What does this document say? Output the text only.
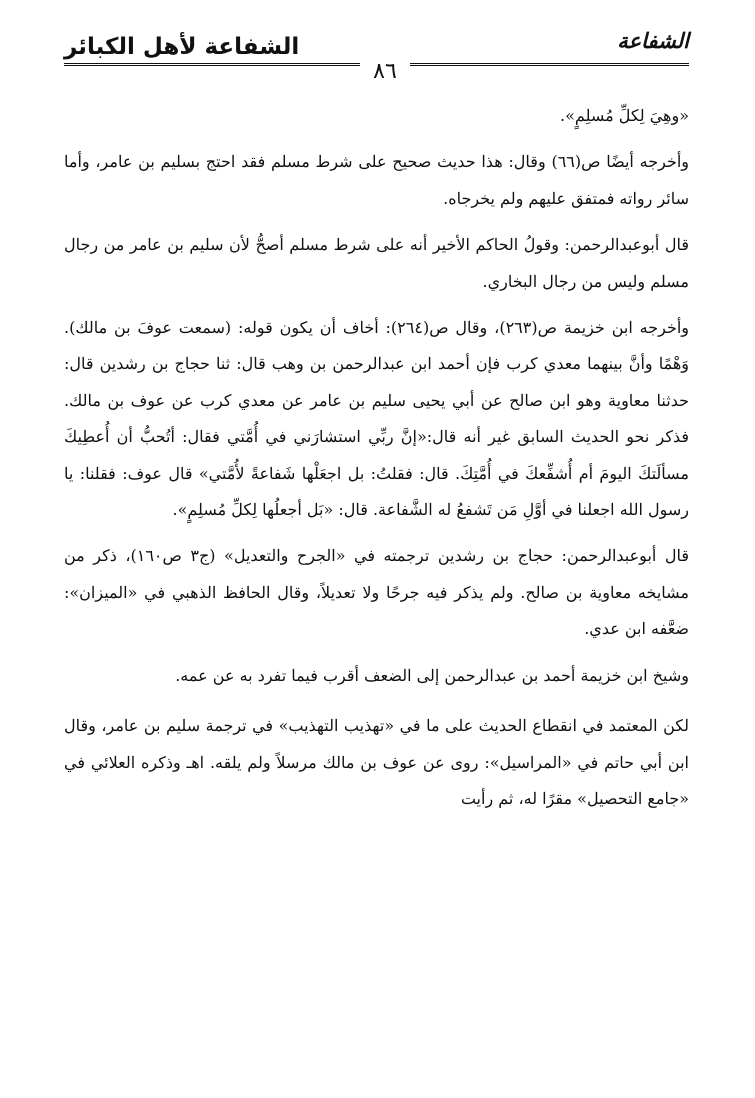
الشفاعة لأهل الكبائر	الشفاعة
٨٦

«وهِيَ لِكلِّ مُسلِمٍ».

وأخرجه أيضًا ص(٦٦) وقال: هذا حديث صحيح على شرط مسلم فقد احتج بسليم بن عامر، وأما سائر رواته فمتفق عليهم ولم يخرجاه.

قال أبوعبدالرحمن: وقولُ الحاكم الأخير أنه على شرط مسلم أصحُّ لأن سليم بن عامر من رجال مسلم وليس من رجال البخاري.

وأخرجه ابن خزيمة ص(٢٦٣)، وقال ص(٢٦٤): أخاف أن يكون قوله: (سمعت عوفَ بن مالك). وَهْمًا وأنَّ بينهما معدي كرب فإن أحمد ابن عبدالرحمن بن وهب قال: ثنا حجاج بن رشدين قال: حدثنا معاوية وهو ابن صالح عن أبي يحيى سليم بن عامر عن معدي كرب عن عوف بن مالك. فذكر نحو الحديث السابق غير أنه قال:«إنَّ ربِّي استشارَني في أُمَّتي فقال: أتُحبُّ أن أُعطِيكَ مسألَتكَ اليومَ أم أُشفِّعكَ في أُمَّتِكَ. قال: فقلتُ: بل اجعَلْها شَفاعةً لأُمَّتي» قال عوف: فقلنا: يا رسول الله اجعلنا في أوَّلِ مَن تَشفعُ له الشَّفاعة. قال: «بَل أجعلُها لِكلِّ مُسلِمٍ».

قال أبوعبدالرحمن: حجاج بن رشدين ترجمته في «الجرح والتعديل» (ج٣ ص١٦٠)، ذكر من مشايخه معاوية بن صالح. ولم يذكر فيه جرحًا ولا تعديلاً، وقال الحافظ الذهبي في «الميزان»: ضعَّفه ابن عدي.

وشيخ ابن خزيمة أحمد بن عبدالرحمن إلى الضعف أقرب فيما تفرد به عن عمه.

لكن المعتمد في انقطاع الحديث على ما في «تهذيب التهذيب» في ترجمة سليم بن عامر، وقال ابن أبي حاتم في «المراسيل»: روى عن عوف بن مالك مرسلاً ولم يلقه. اهـ وذكره العلائي في «جامع التحصيل» مقرًا له، ثم رأيت
